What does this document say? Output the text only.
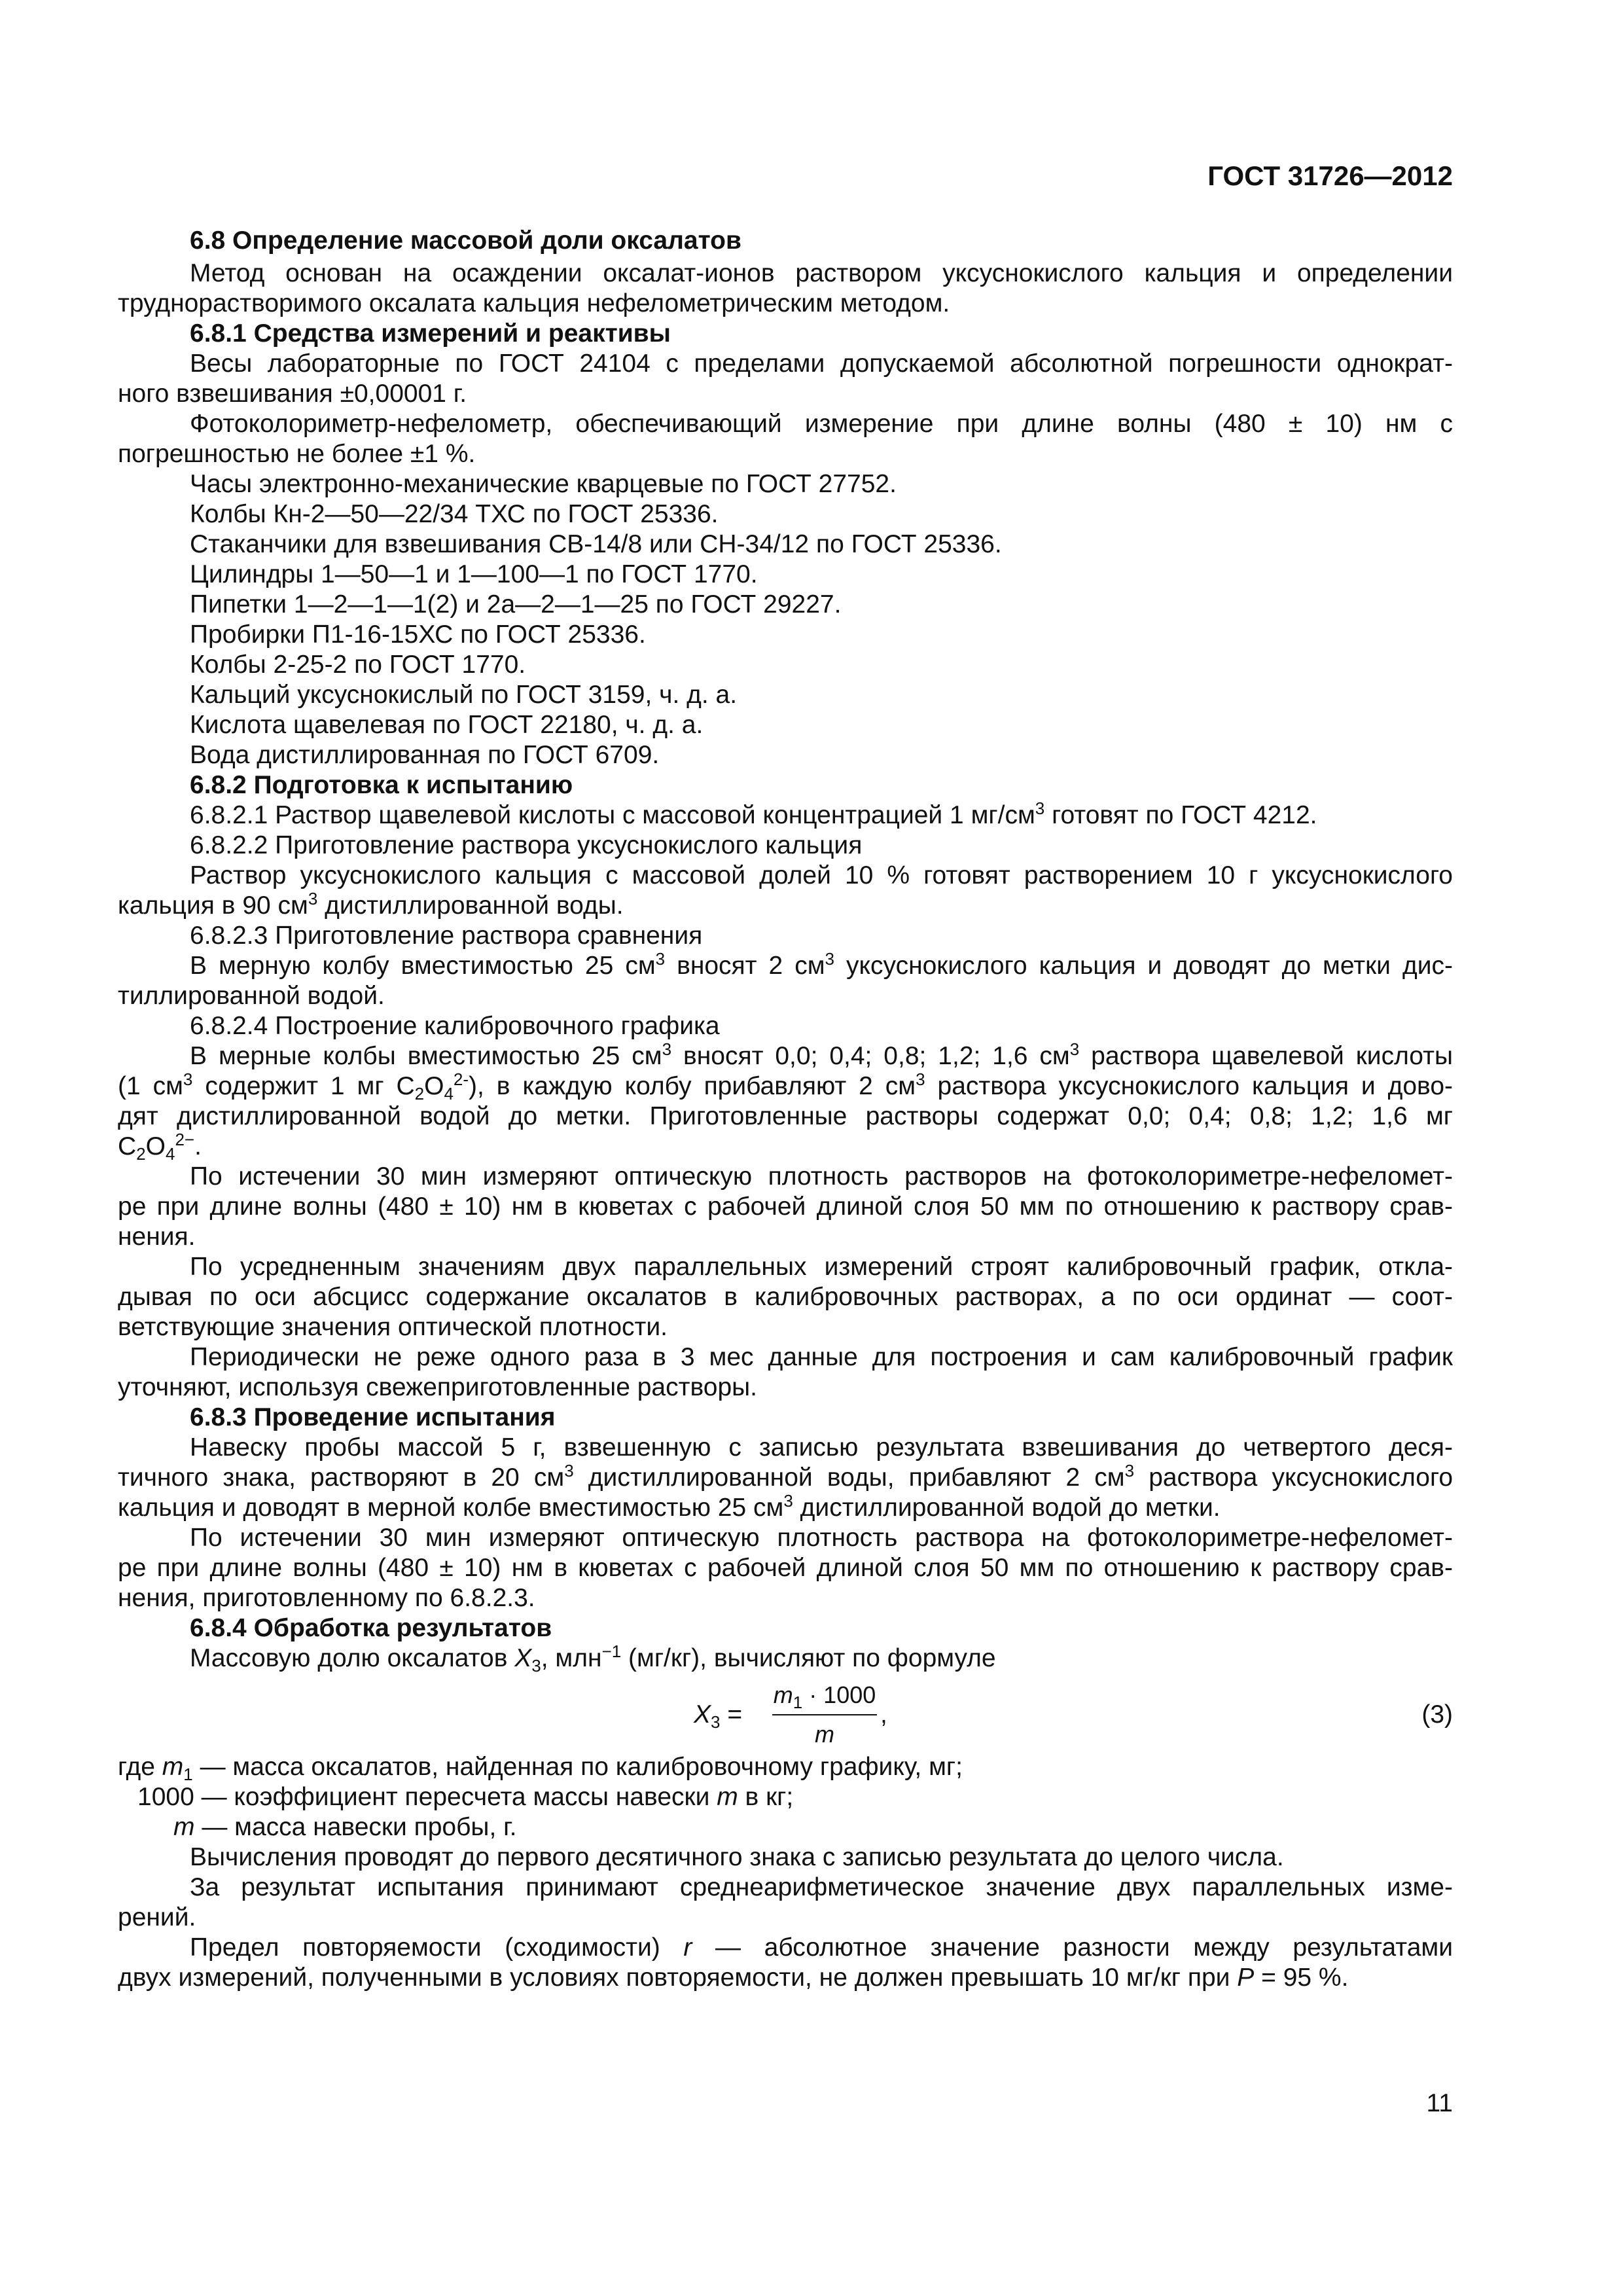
ГОСТ 31726—2012
6.8 Определение массовой доли оксалатов
Метод основан на осаждении оксалат-ионов раствором уксуснокислого кальция и определении
труднорастворимого оксалата кальция нефелометрическим методом.
6.8.1 Средства измерений и реактивы
Весы лабораторные по ГОСТ 24104 с пределами допускаемой абсолютной погрешности однократ-
ного взвешивания ±0,00001 г.
Фотоколориметр-нефелометр, обеспечивающий измерение при длине волны (480 ± 10) нм с
погрешностью не более ±1 %.
Часы электронно-механические кварцевые по ГОСТ 27752.
Колбы Кн-2—50—22/34 ТХС по ГОСТ 25336.
Стаканчики для взвешивания СВ-14/8 или СН-34/12 по ГОСТ 25336.
Цилиндры 1—50—1 и 1—100—1 по ГОСТ 1770.
Пипетки 1—2—1—1(2) и 2а—2—1—25 по ГОСТ 29227.
Пробирки П1-16-15ХС по ГОСТ 25336.
Колбы 2-25-2 по ГОСТ 1770.
Кальций уксуснокислый по ГОСТ 3159, ч. д. а.
Кислота щавелевая по ГОСТ 22180, ч. д. а.
Вода дистиллированная по ГОСТ 6709.
6.8.2 Подготовка к испытанию
6.8.2.1 Раствор щавелевой кислоты с массовой концентрацией 1 $мг/см^3$ готовят по ГОСТ 4212.
6.8.2.2 Приготовление раствора уксуснокислого кальция
Раствор уксуснокислого кальция с массовой долей 10 % готовят растворением 10 г уксуснокислого
кальция в 90 $см^3$ дистиллированной воды.
6.8.2.3 Приготовление раствора сравнения
В мерную колбу вместимостью 25 $см^3$ вносят 2 $см^3$ уксуснокислого кальция и доводят до метки дис-
тиллированной водой.
6.8.2.4 Построение калибровочного графика
В мерные колбы вместимостью 25 $см^3$ вносят 0,0; 0,4; 0,8; 1,2; 1,6 $см^3$ раствора щавелевой кислоты
(1 $см^3$ содержит 1 мг $C_2O_4^{2-}$), в каждую колбу прибавляют 2 $см^3$ раствора уксуснокислого кальция и дово-
дят дистиллированной водой до метки. Приготовленные растворы содержат 0,0; 0,4; 0,8; 1,2; 1,6 мг
$C_2O_4^{2-}$.
По истечении 30 мин измеряют оптическую плотность растворов на фотоколориметре-нефеломет-
ре при длине волны (480 ± 10) нм в кюветах с рабочей длиной слоя 50 мм по отношению к раствору срав-
нения.
По усредненным значениям двух параллельных измерений строят калибровочный график, откла-
дывая по оси абсцисс содержание оксалатов в калибровочных растворах, а по оси ординат — соот-
ветствующие значения оптической плотности.
Периодически не реже одного раза в 3 мес данные для построения и сам калибровочный график
уточняют, используя свежеприготовленные растворы.
6.8.3 Проведение испытания
Навеску пробы массой 5 г, взвешенную с записью результата взвешивания до четвертого деся-
тичного знака, растворяют в 20 $см^3$ дистиллированной воды, прибавляют 2 $см^3$ раствора уксуснокислого
кальция и доводят в мерной колбе вместимостью 25 $см^3$ дистиллированной водой до метки.
По истечении 30 мин измеряют оптическую плотность раствора на фотоколориметре-нефеломет-
ре при длине волны (480 ± 10) нм в кюветах с рабочей длиной слоя 50 мм по отношению к раствору срав-
нения, приготовленному по 6.8.2.3.
6.8.4 Обработка результатов
Массовую долю оксалатов $X_3$, млн$^{-1}$ (мг/кг), вычисляют по формуле
$X_3 = \frac{m_1 \cdot 1000}{m}$ ,	(3)
где $m_1$ — масса оксалатов, найденная по калибровочному графику, мг;
1000 — коэффициент пересчета массы навески m в кг;
m — масса навески пробы, г.
Вычисления проводят до первого десятичного знака с записью результата до целого числа.
За результат испытания принимают среднеарифметическое значение двух параллельных изме-
рений.
Предел повторяемости (сходимости) r — абсолютное значение разности между результатами
двух измерений, полученными в условиях повторяемости, не должен превышать 10 мг/кг при P = 95 %.
11
